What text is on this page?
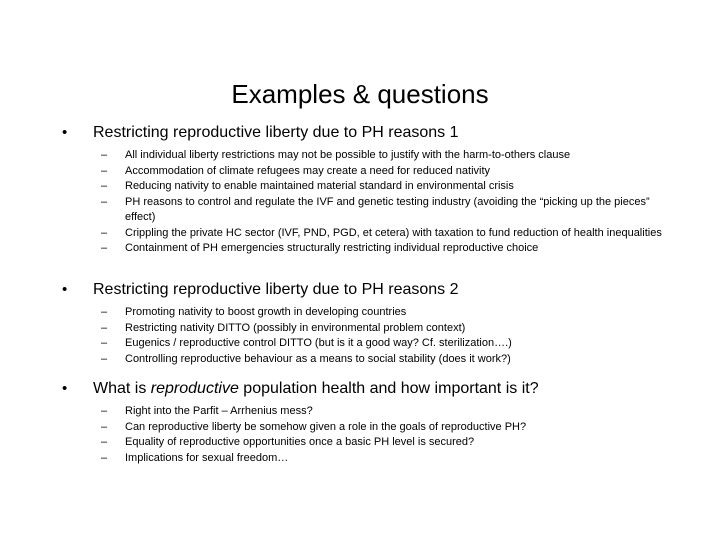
Examples & questions
• Restricting reproductive liberty due to PH reasons 1
– All individual liberty restrictions may not be possible to justify with the harm-to-others clause
– Accommodation of climate refugees may create a need for reduced nativity
– Reducing nativity to enable maintained material standard in environmental crisis
– PH reasons to control and regulate the IVF and genetic testing industry (avoiding the “picking up the pieces” effect)
– Crippling the private HC sector (IVF, PND, PGD, et cetera) with taxation to fund reduction of health inequalities
– Containment of PH emergencies structurally restricting individual reproductive choice
• Restricting reproductive liberty due to PH reasons 2
– Promoting nativity to boost growth in developing countries
– Restricting nativity DITTO (possibly in environmental problem context)
– Eugenics / reproductive control DITTO (but is it a good way? Cf. sterilization….)
– Controlling reproductive behaviour as a means to social stability (does it work?)
• What is reproductive population health and how important is it?
– Right into the Parfit – Arrhenius mess?
– Can reproductive liberty be somehow given a role in the goals of reproductive PH?
– Equality of reproductive opportunities once a basic PH level is secured?
– Implications for sexual freedom…
